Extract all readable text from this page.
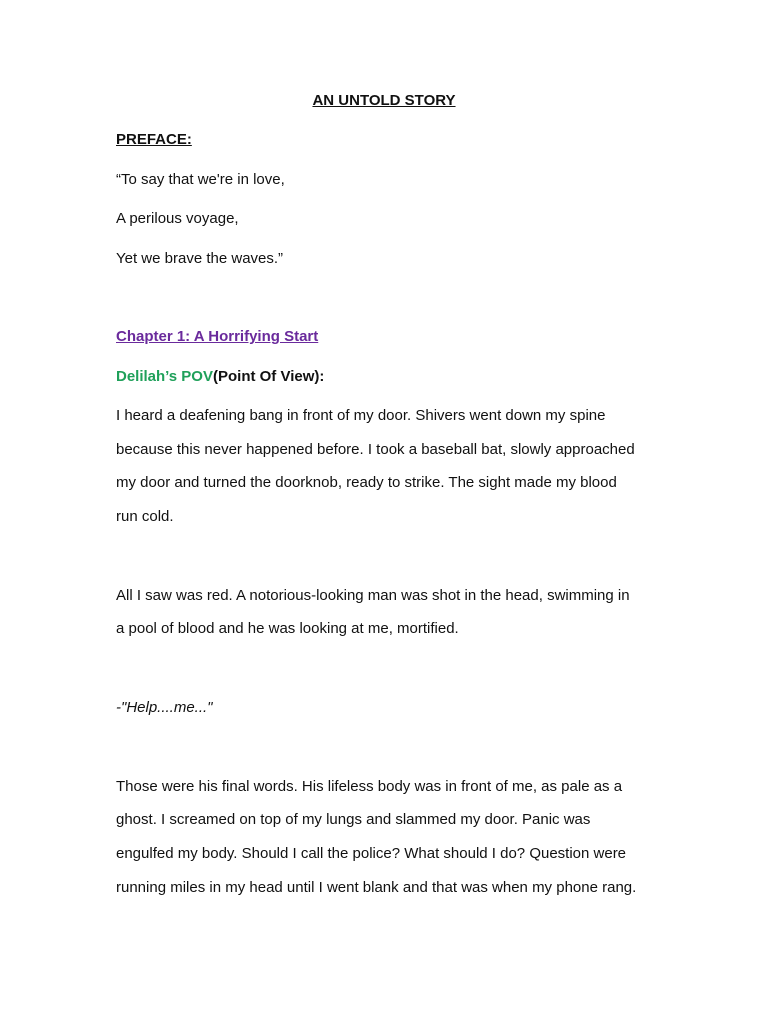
AN UNTOLD STORY
PREFACE:
“To say that we're in love,
A perilous voyage,
Yet we brave the waves.”
Chapter 1: A Horrifying Start
Delilah’s POV(Point Of View):
I heard a deafening bang in front of my door. Shivers went down my spine
because this never happened before. I took a baseball bat, slowly approached
my door and turned the doorknob, ready to strike. The sight made my blood
run cold.
All I saw was red. A notorious-looking man was shot in the head, swimming in
a pool of blood and he was looking at me, mortified.
-"Help....me..."
Those were his final words. His lifeless body was in front of me, as pale as a
ghost. I screamed on top of my lungs and slammed my door. Panic was
engulfed my body. Should I call the police? What should I do? Question were
running miles in my head until I went blank and that was when my phone rang.
